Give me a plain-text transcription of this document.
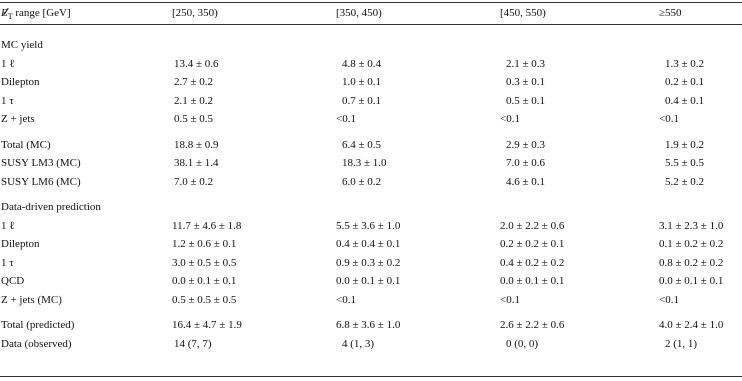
$E_T$ range [GeV]	[250, 350)	[350, 450)	[450, 550)	≥550
MC yield
1 ℓ	13.4 ± 0.6	4.8 ± 0.4	2.1 ± 0.3	1.3 ± 0.2
Dilepton	2.7 ± 0.2	1.0 ± 0.1	0.3 ± 0.1	0.2 ± 0.1
1 τ	2.1 ± 0.2	0.7 ± 0.1	0.5 ± 0.1	0.4 ± 0.1
Z + jets	0.5 ± 0.5	<0.1	<0.1	<0.1
Total (MC)	18.8 ± 0.9	6.4 ± 0.5	2.9 ± 0.3	1.9 ± 0.2
SUSY LM3 (MC)	38.1 ± 1.4	18.3 ± 1.0	7.0 ± 0.6	5.5 ± 0.5
SUSY LM6 (MC)	7.0 ± 0.2	6.0 ± 0.2	4.6 ± 0.1	5.2 ± 0.2
Data-driven prediction
1 ℓ	11.7 ± 4.6 ± 1.8	5.5 ± 3.6 ± 1.0	2.0 ± 2.2 ± 0.6	3.1 ± 2.3 ± 1.0
Dilepton	1.2 ± 0.6 ± 0.1	0.4 ± 0.4 ± 0.1	0.2 ± 0.2 ± 0.1	0.1 ± 0.2 ± 0.2
1 τ	3.0 ± 0.5 ± 0.5	0.9 ± 0.3 ± 0.2	0.4 ± 0.2 ± 0.2	0.8 ± 0.2 ± 0.2
QCD	0.0 ± 0.1 ± 0.1	0.0 ± 0.1 ± 0.1	0.0 ± 0.1 ± 0.1	0.0 ± 0.1 ± 0.1
Z + jets (MC)	0.5 ± 0.5 ± 0.5	<0.1	<0.1	<0.1
Total (predicted)	16.4 ± 4.7 ± 1.9	6.8 ± 3.6 ± 1.0	2.6 ± 2.2 ± 0.6	4.0 ± 2.4 ± 1.0
Data (observed)	14 (7, 7)	4 (1, 3)	0 (0, 0)	2 (1, 1)
